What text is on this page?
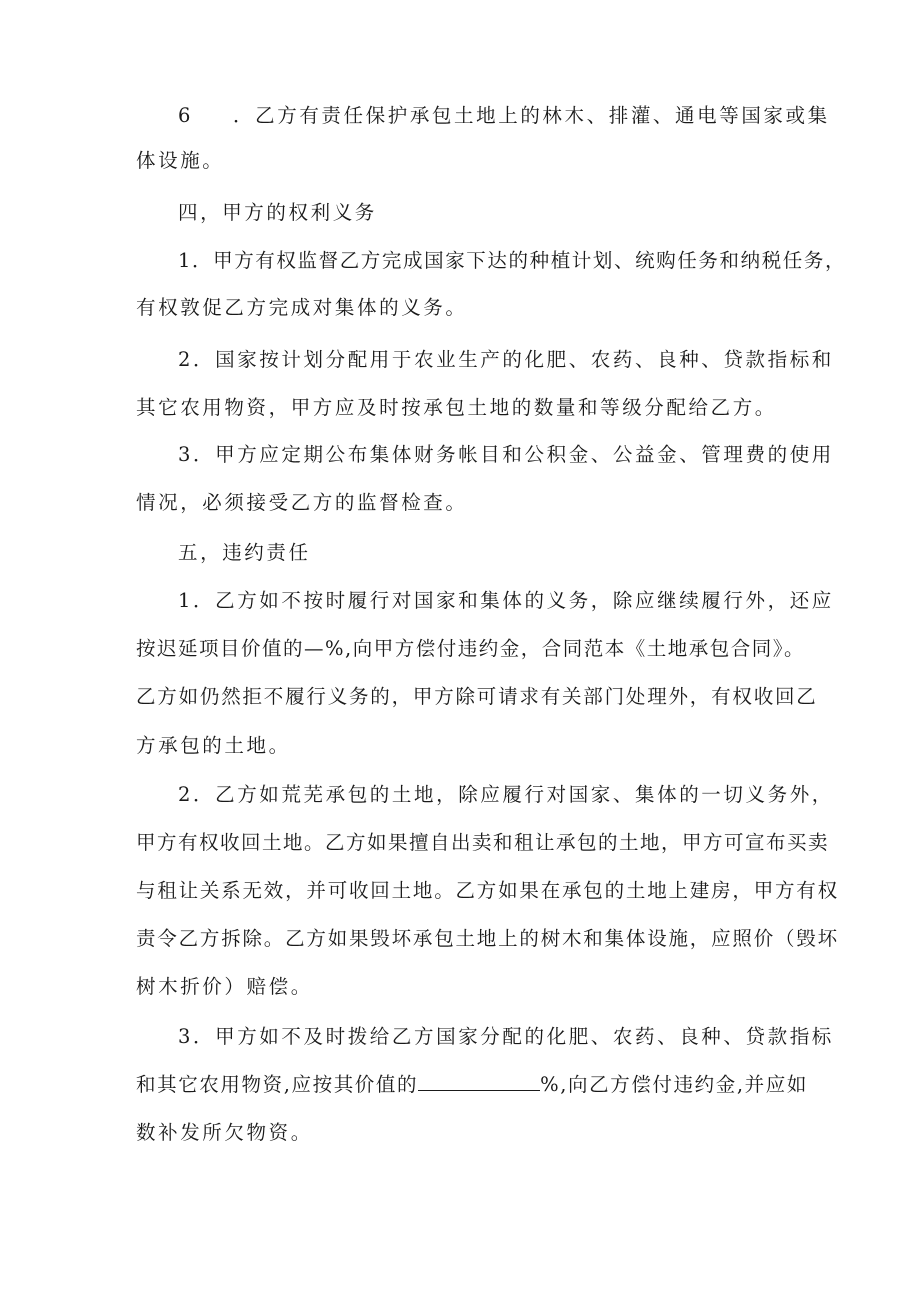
6 ．乙方有责任保护承包土地上的林木、排灌、通电等国家或集
体设施。
四，甲方的权利义务
1．甲方有权监督乙方完成国家下达的种植计划、统购任务和纳税任务，
有权敦促乙方完成对集体的义务。
2．国家按计划分配用于农业生产的化肥、农药、良种、贷款指标和
其它农用物资，甲方应及时按承包土地的数量和等级分配给乙方。
3．甲方应定期公布集体财务帐目和公积金、公益金、管理费的使用
情况，必须接受乙方的监督检查。
五，违约责任
1．乙方如不按时履行对国家和集体的义务，除应继续履行外，还应
按迟延项目价值的—%,向甲方偿付违约金，合同范本《土地承包合同》。
乙方如仍然拒不履行义务的，甲方除可请求有关部门处理外，有权收回乙
方承包的土地。
2．乙方如荒芜承包的土地，除应履行对国家、集体的一切义务外，
甲方有权收回土地。乙方如果擅自出卖和租让承包的土地，甲方可宣布买卖
与租让关系无效，并可收回土地。乙方如果在承包的土地上建房，甲方有权
责令乙方拆除。乙方如果毁坏承包土地上的树木和集体设施，应照价（毁坏
树木折价）赔偿。
3．甲方如不及时拨给乙方国家分配的化肥、农药、良种、贷款指标
和其它农用物资,应按其价值的	%,向乙方偿付违约金,并应如
数补发所欠物资。
